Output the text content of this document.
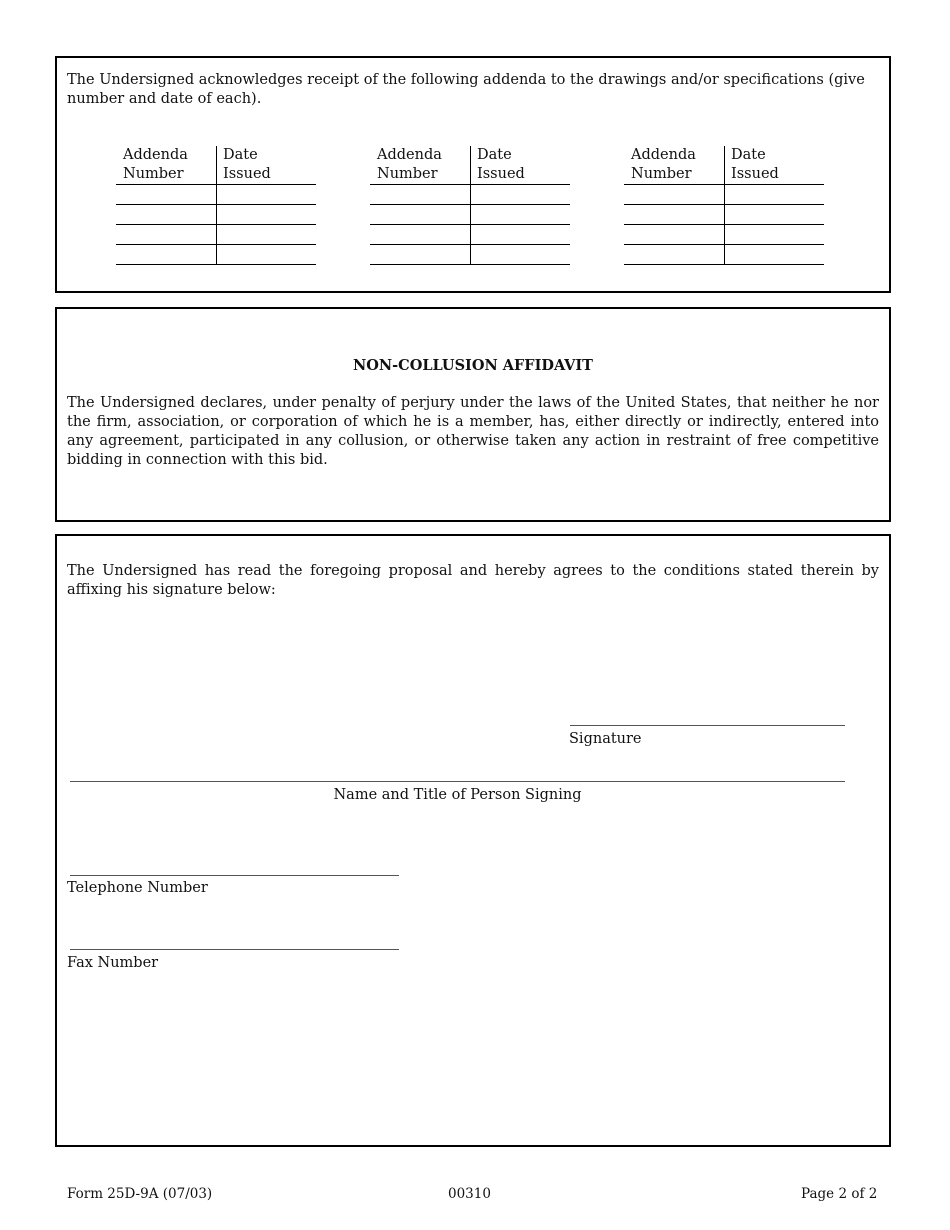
The Undersigned acknowledges receipt of the following addenda to the drawings and/or specifications (give number and date of each).

Addenda
Number
Date
Issued
Addenda
Number
Date
Issued
Addenda
Number
Date
Issued
NON-COLLUSION AFFIDAVIT

The Undersigned declares, under penalty of perjury under the laws of the United States, that neither he nor the firm, association, or corporation of which he is a member, has, either directly or indirectly, entered into any agreement, participated in any collusion, or otherwise taken any action in restraint of free competitive bidding in connection with this bid.

The Undersigned has read the foregoing proposal and hereby agrees to the conditions stated therein by affixing his signature below:

Signature
Name and Title of Person Signing
Telephone Number
Fax Number
Form 25D-9A (07/03)	00310	Page 2 of 2
